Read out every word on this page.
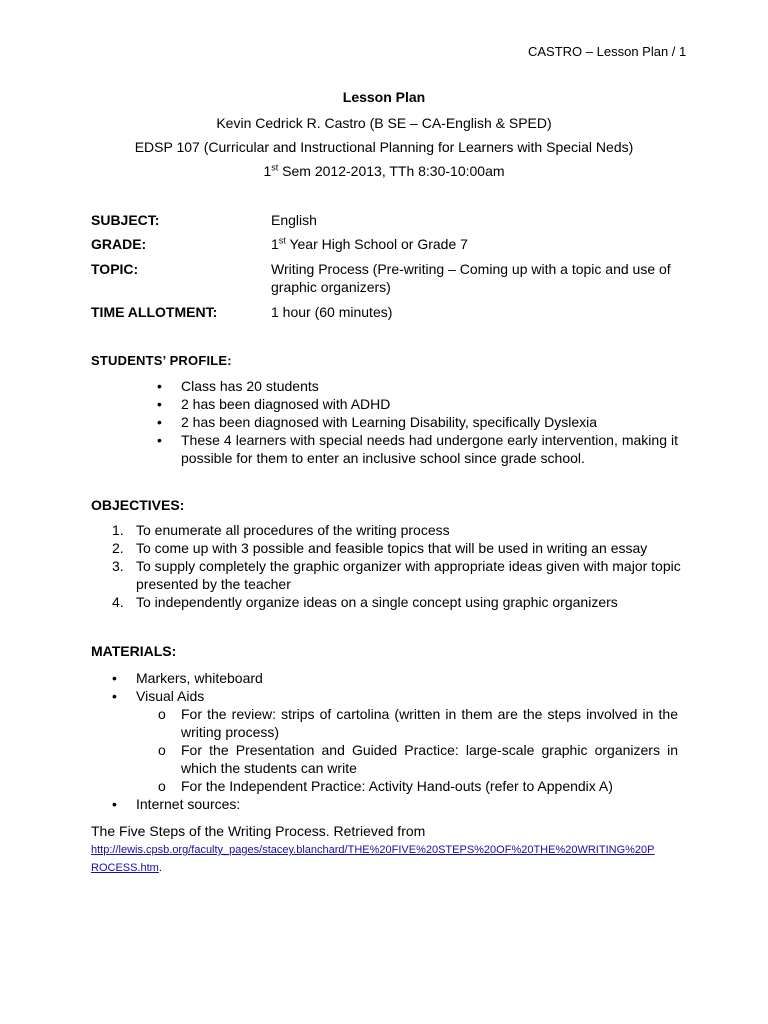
CASTRO – Lesson Plan / 1
Lesson Plan
Kevin Cedrick R. Castro (B SE – CA-English & SPED)
EDSP 107 (Curricular and Instructional Planning for Learners with Special Neds)
1st Sem 2012-2013, TTh 8:30-10:00am
SUBJECT:	English
GRADE:	1st Year High School or Grade 7
TOPIC:	Writing Process (Pre-writing – Coming up with a topic and use of graphic organizers)
TIME ALLOTMENT:	1 hour (60 minutes)
STUDENTS’ PROFILE:
• Class has 20 students
• 2 has been diagnosed with ADHD
• 2 has been diagnosed with Learning Disability, specifically Dyslexia
• These 4 learners with special needs had undergone early intervention, making it possible for them to enter an inclusive school since grade school.
OBJECTIVES:
1. To enumerate all procedures of the writing process
2. To come up with 3 possible and feasible topics that will be used in writing an essay
3. To supply completely the graphic organizer with appropriate ideas given with major topic presented by the teacher
4. To independently organize ideas on a single concept using graphic organizers
MATERIALS:
• Markers, whiteboard
• Visual Aids
o For the review: strips of cartolina (written in them are the steps involved in the writing process)
o For the Presentation and Guided Practice: large-scale graphic organizers in which the students can write
o For the Independent Practice: Activity Hand-outs (refer to Appendix A)
• Internet sources:
The Five Steps of the Writing Process. Retrieved from
http://lewis.cpsb.org/faculty_pages/stacey.blanchard/THE%20FIVE%20STEPS%20OF%20THE%20WRITING%20P
ROCESS.htm.
